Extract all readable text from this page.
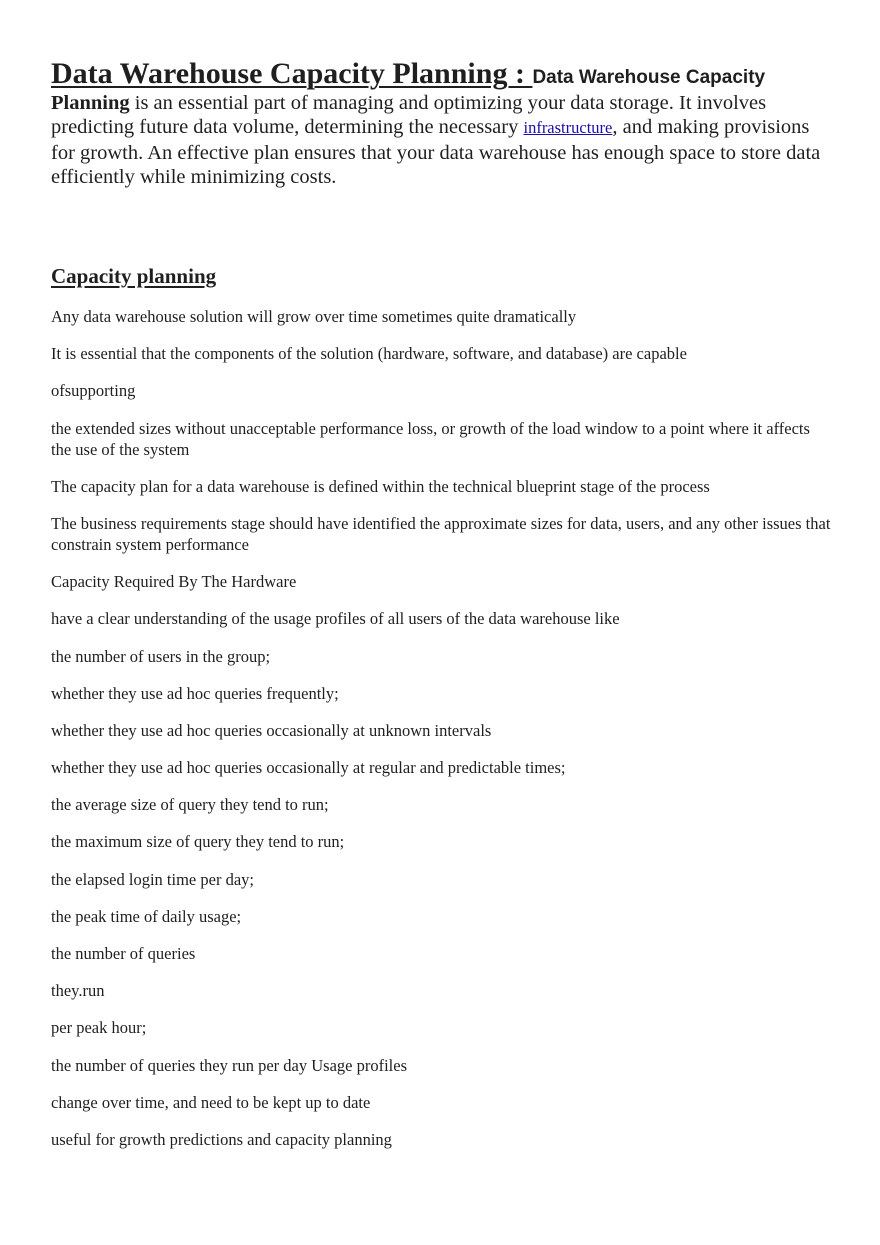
Data Warehouse Capacity Planning : Data Warehouse Capacity
Planning is an essential part of managing and optimizing your data storage. It involves predicting future data volume, determining the necessary infrastructure, and making provisions for growth. An effective plan ensures that your data warehouse has enough space to store data efficiently while minimizing costs.

Capacity planning

Any data warehouse solution will grow over time sometimes quite dramatically

It is essential that the components of the solution (hardware, software, and database) are capable

ofsupporting

the extended sizes without unacceptable performance loss, or growth of the load window to a point where it affects the use of the system

The capacity plan for a data warehouse is defined within the technical blueprint stage of the process

The business requirements stage should have identified the approximate sizes for data, users, and any other issues that constrain system performance

Capacity Required By The Hardware

have a clear understanding of the usage profiles of all users of the data warehouse like

the number of users in the group;

whether they use ad hoc queries frequently;

whether they use ad hoc queries occasionally at unknown intervals

whether they use ad hoc queries occasionally at regular and predictable times;

the average size of query they tend to run;

the maximum size of query they tend to run;

the elapsed login time per day;

the peak time of daily usage;

the number of queries

they.run

per peak hour;

the number of queries they run per day Usage profiles

change over time, and need to be kept up to date

useful for growth predictions and capacity planning
